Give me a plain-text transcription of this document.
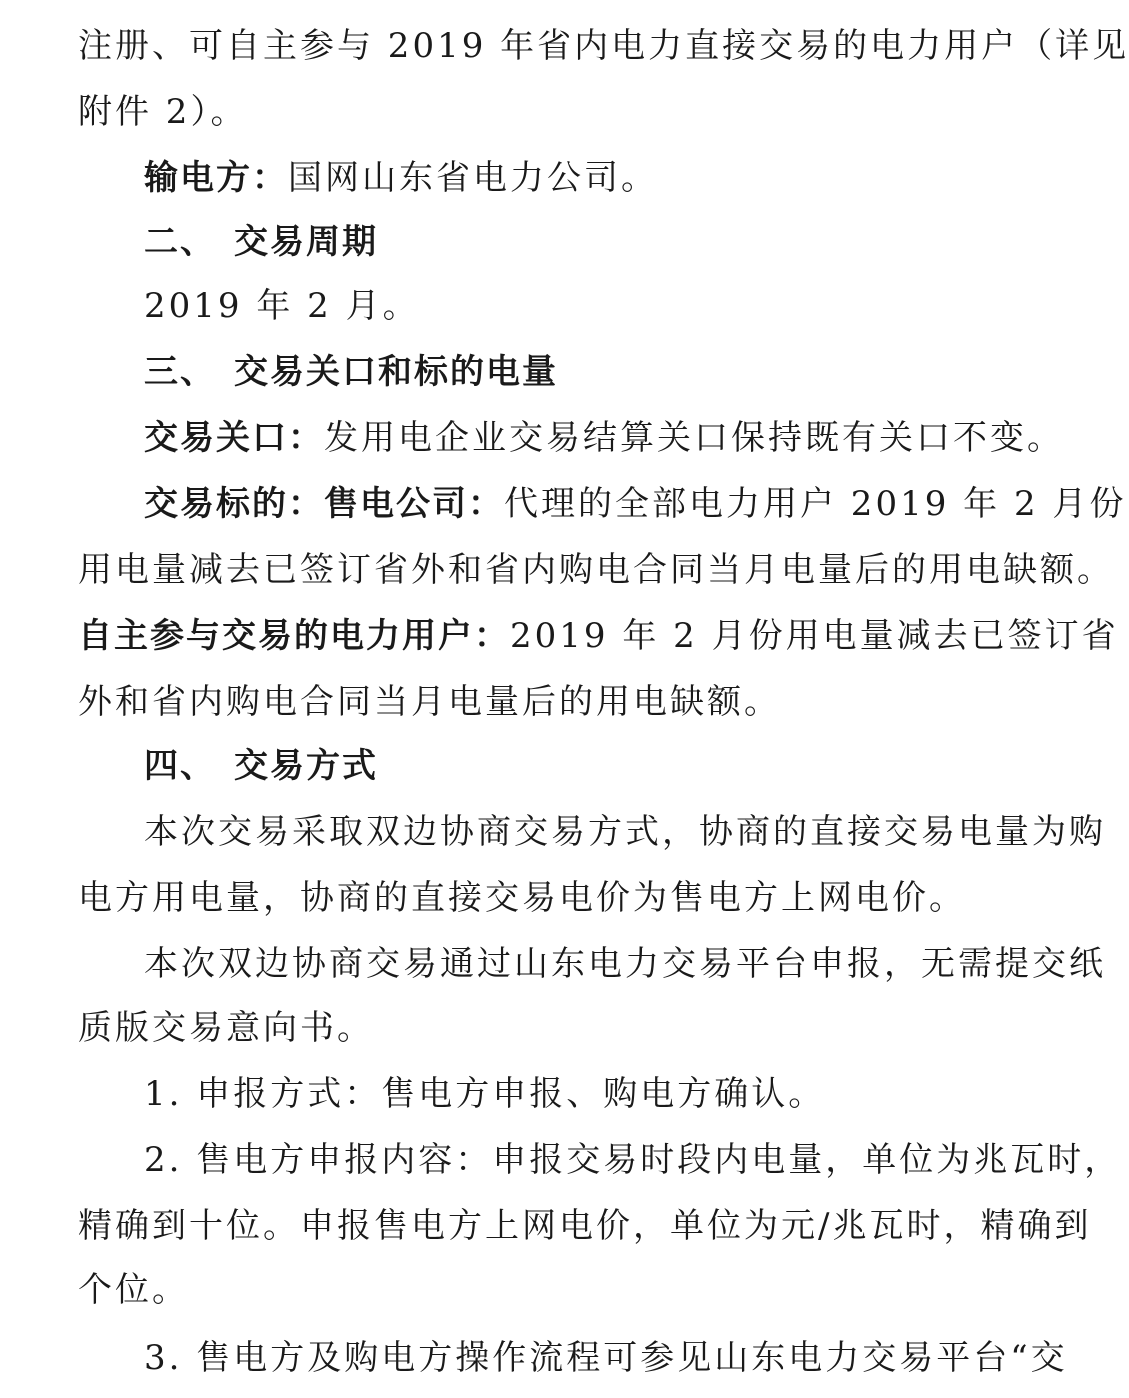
注册、可自主参与 2019 年省内电力直接交易的电力用户（详见
附件 2）。
输电方：国网山东省电力公司。
二、 交易周期
2019 年 2 月。
三、 交易关口和标的电量
交易关口：发用电企业交易结算关口保持既有关口不变。
交易标的：售电公司：代理的全部电力用户 2019 年 2 月份
用电量减去已签订省外和省内购电合同当月电量后的用电缺额。
自主参与交易的电力用户：2019 年 2 月份用电量减去已签订省
外和省内购电合同当月电量后的用电缺额。
四、 交易方式
本次交易采取双边协商交易方式，协商的直接交易电量为购
电方用电量，协商的直接交易电价为售电方上网电价。
本次双边协商交易通过山东电力交易平台申报，无需提交纸
质版交易意向书。
1. 申报方式：售电方申报、购电方确认。
2. 售电方申报内容：申报交易时段内电量，单位为兆瓦时，
精确到十位。申报售电方上网电价，单位为元/兆瓦时，精确到
个位。
3. 售电方及购电方操作流程可参见山东电力交易平台“交
